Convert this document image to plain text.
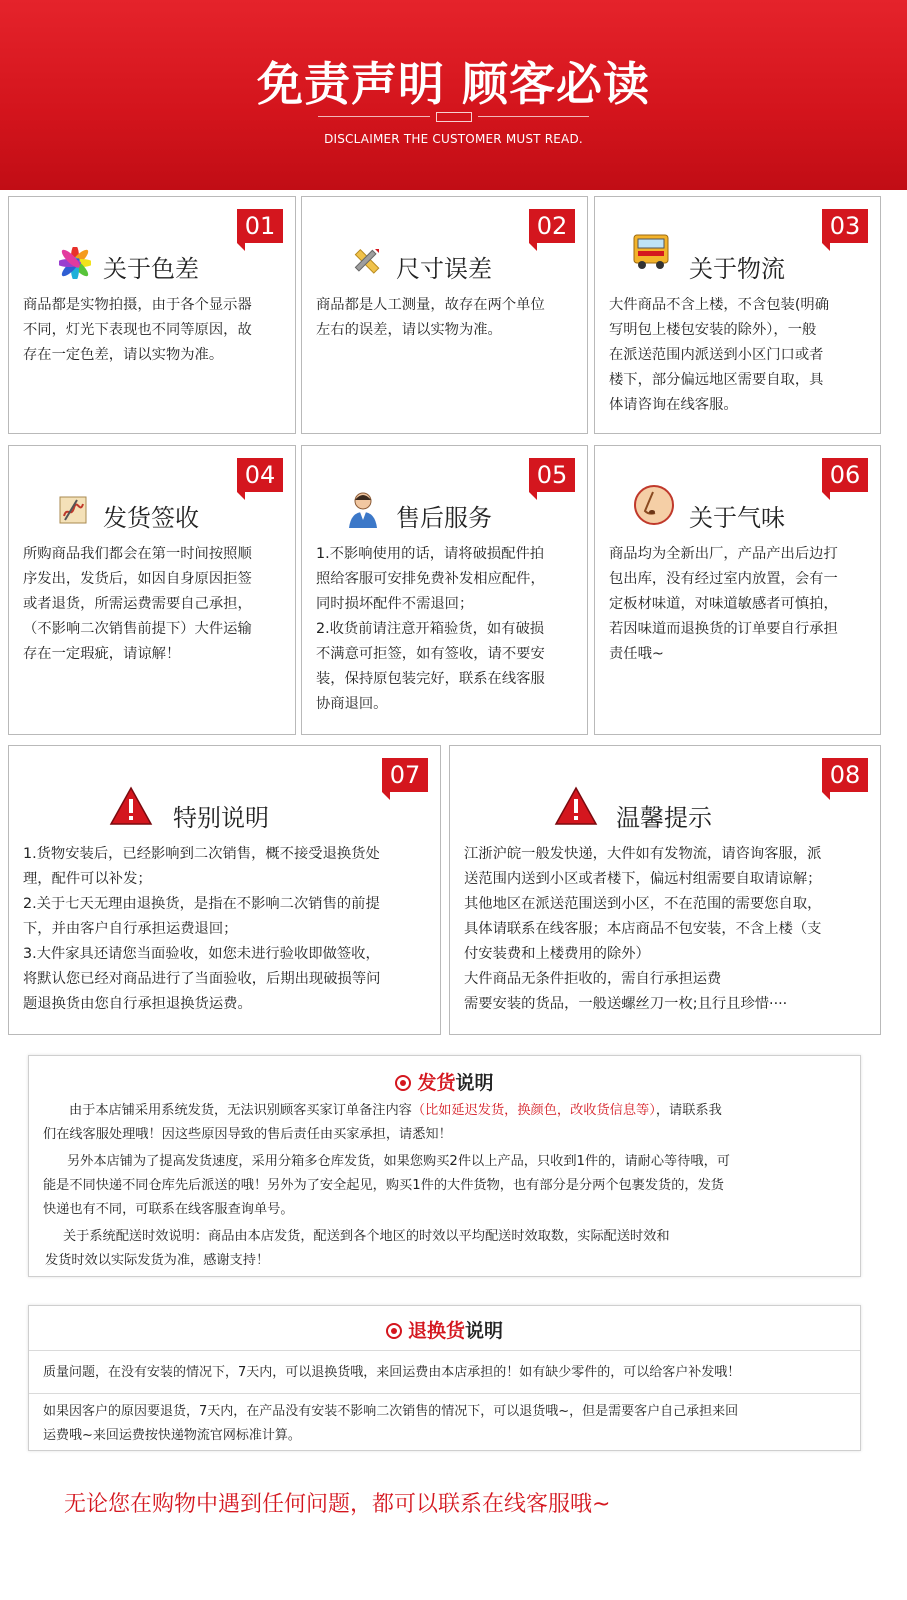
免责声明 顾客必读
DISCLAIMER THE CUSTOMER MUST READ.
01
关于色差

商品都是实物拍摄，由于各个显示器

不同，灯光下表现也不同等原因，故

存在一定色差，请以实物为准。

02
尺寸误差

商品都是人工测量，故存在两个单位

左右的误差，请以实物为准。

03
关于物流

大件商品不含上楼，不含包装(明确

写明包上楼包安装的除外），一般

在派送范围内派送到小区门口或者

楼下，部分偏远地区需要自取，具

体请咨询在线客服。

04
发货签收

所购商品我们都会在第一时间按照顺

序发出，发货后，如因自身原因拒签

或者退货，所需运费需要自己承担，

（不影响二次销售前提下）大件运输

存在一定瑕疵，请谅解！

05
售后服务

1.不影响使用的话，请将破损配件拍

照给客服可安排免费补发相应配件，

同时损坏配件不需退回；

2.收货前请注意开箱验货，如有破损

不满意可拒签，如有签收，请不要安

装，保持原包装完好，联系在线客服

协商退回。

06
关于气味

商品均为全新出厂，产品产出后边打

包出库，没有经过室内放置，会有一

定板材味道，对味道敏感者可慎拍，

若因味道而退换货的订单要自行承担

责任哦~

07
特别说明

1.货物安装后，已经影响到二次销售，概不接受退换货处

理，配件可以补发；

2.关于七天无理由退换货，是指在不影响二次销售的前提

下，并由客户自行承担运费退回；

3.大件家具还请您当面验收，如您未进行验收即做签收，

将默认您已经对商品进行了当面验收，后期出现破损等问

题退换货由您自行承担退换货运费。

08
温馨提示

江浙沪皖一般发快递，大件如有发物流，请咨询客服，派

送范围内送到小区或者楼下，偏远村组需要自取请谅解；

其他地区在派送范围送到小区，不在范围的需要您自取，

具体请联系在线客服；本店商品不包安装，不含上楼（支

付安装费和上楼费用的除外）

大件商品无条件拒收的，需自行承担运费

需要安装的货品，一般送螺丝刀一枚;且行且珍惜····

发货说明
由于本店铺采用系统发货，无法识别顾客买家订单备注内容（比如延迟发货，换颜色，改收货信息等），请联系我
们在线客服处理哦！因这些原因导致的售后责任由买家承担，请悉知！
另外本店铺为了提高发货速度，采用分箱多仓库发货，如果您购买2件以上产品，只收到1件的，请耐心等待哦，可
能是不同快递不同仓库先后派送的哦！另外为了安全起见，购买1件的大件货物，也有部分是分两个包裹发货的，发货
快递也有不同，可联系在线客服查询单号。
关于系统配送时效说明：商品由本店发货，配送到各个地区的时效以平均配送时效取数，实际配送时效和
发货时效以实际发货为准，感谢支持！
退换货说明
质量问题，在没有安装的情况下，7天内，可以退换货哦，来回运费由本店承担的！如有缺少零件的，可以给客户补发哦！
如果因客户的原因要退货，7天内，在产品没有安装不影响二次销售的情况下，可以退货哦~，但是需要客户自己承担来回
运费哦~来回运费按快递物流官网标准计算。
无论您在购物中遇到任何问题，都可以联系在线客服哦~
